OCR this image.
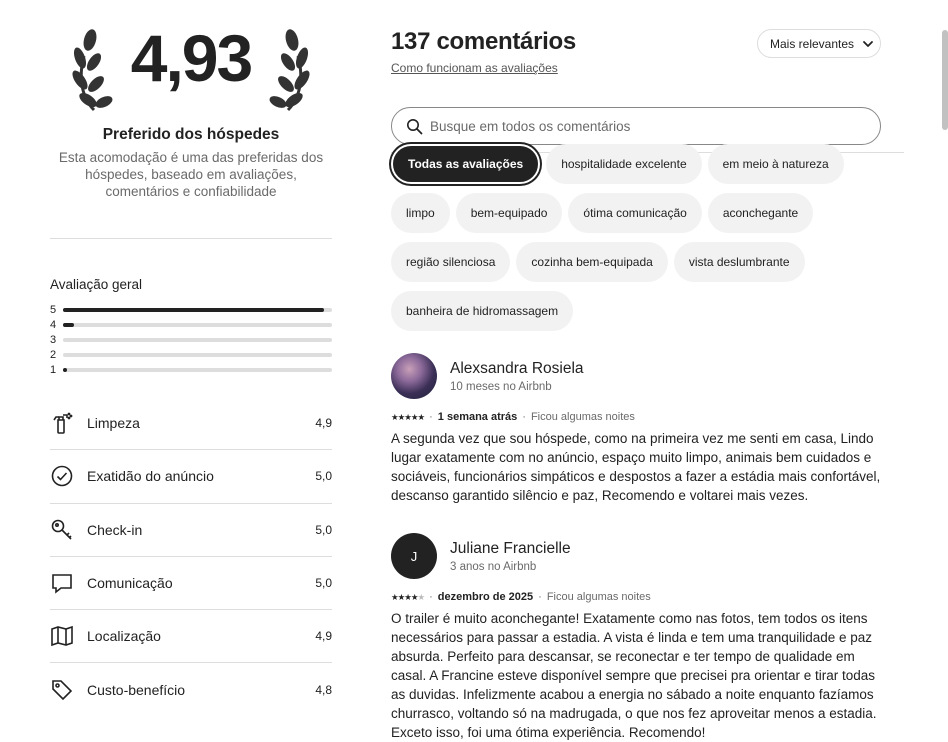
4,93
Preferido dos hóspedes
Esta acomodação é uma das preferidas dos hóspedes, baseado em avaliações, comentários e confiabilidade
Avaliação geral
5
4
3
2
1
Limpeza	4,9
Exatidão do anúncio	5,0
Check-in	5,0
Comunicação	5,0
Localização	4,9
Custo-benefício	4,8
137 comentários
Como funcionam as avaliações
Mais relevantes
Busque em todos os comentários
Todas as avaliações	hospitalidade excelente	em meio à natureza
limpo	bem-equipado	ótima comunicação	aconchegante
região silenciosa	cozinha bem-equipada	vista deslumbrante
banheira de hidromassagem
Alexsandra Rosiela
10 meses no Airbnb
★★★★★ · 1 semana atrás · Ficou algumas noites
A segunda vez que sou hóspede, como na primeira vez me senti em casa, Lindo lugar exatamente com no anúncio, espaço muito limpo, animais bem cuidados e sociáveis, funcionários simpáticos e despostos a fazer a estádia mais confortável, descanso garantido silêncio e paz, Recomendo e voltarei mais vezes.
J	Juliane Francielle
3 anos no Airbnb
★★★★★ · dezembro de 2025 · Ficou algumas noites
O trailer é muito aconchegante! Exatamente como nas fotos, tem todos os itens necessários para passar a estadia. A vista é linda e tem uma tranquilidade e paz absurda. Perfeito para descansar, se reconectar e ter tempo de qualidade em casal. A Francine esteve disponível sempre que precisei pra orientar e tirar todas as duvidas. Infelizmente acabou a energia no sábado a noite enquanto fazíamos churrasco, voltando só na madrugada, o que nos fez aproveitar menos a estadia. Exceto isso, foi uma ótima experiência. Recomendo!
